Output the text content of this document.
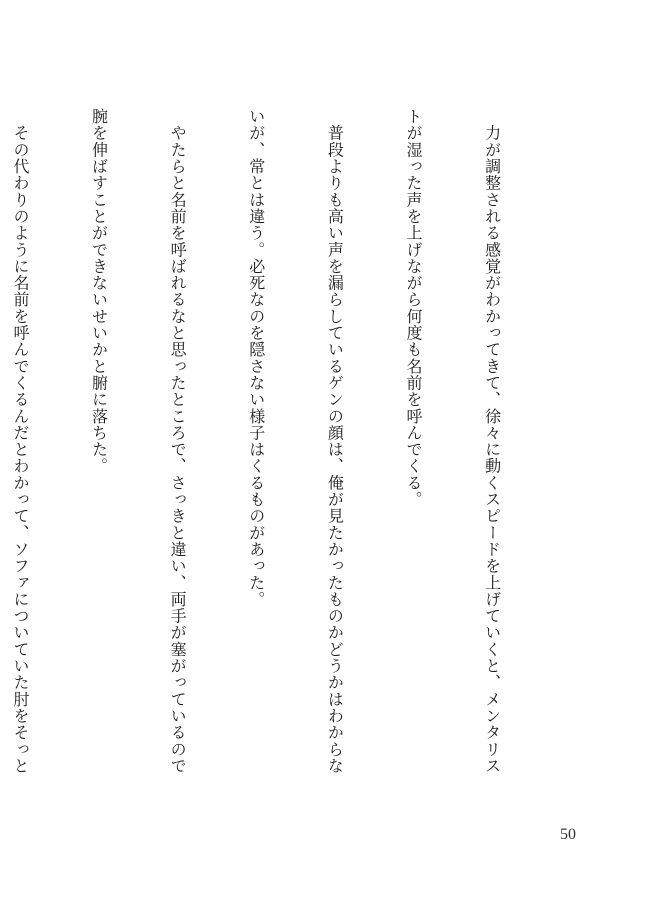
　力が調整される感覚がわかってきて、徐々に動くスピードを上げていくと、メンタリス

トが湿った声を上げながら何度も名前を呼んでくる。

　普段よりも高い声を漏らしているゲンの顔は、俺が見たかったものかどうかはわからな

いが、常とは違う。必死なのを隠さない様子はくるものがあった。

　やたらと名前を呼ばれるなと思ったところで、さっきと違い、両手が塞がっているので

腕を伸ばすことができないせいかと腑に落ちた。

　その代わりのように名前を呼んでくるんだとわかって、ソファについていた肘をそっと

50
